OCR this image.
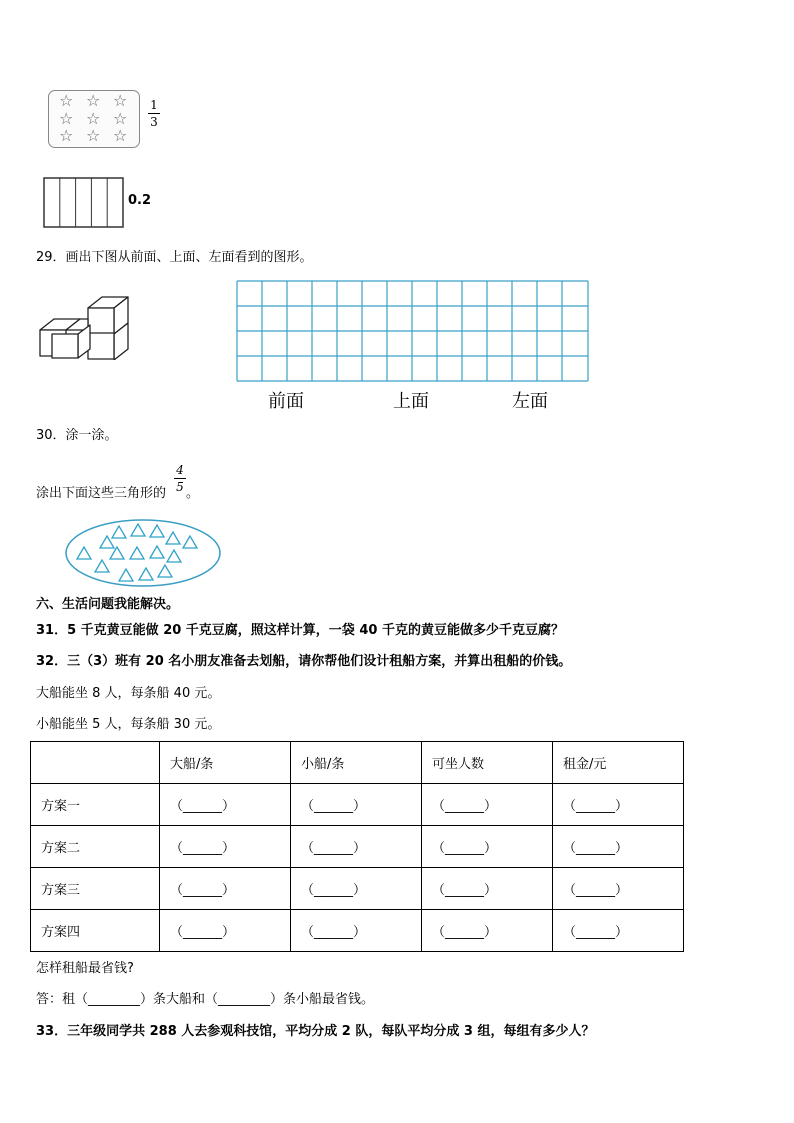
☆ ☆ ☆
☆ ☆ ☆
☆ ☆ ☆
1
3
0.2
29．画出下图从前面、上面、左面看到的图形。
前面	上面	左面
30．涂一涂。
涂出下面这些三角形的
4
5 。
六、生活问题我能解决。
31．5 千克黄豆能做 20 千克豆腐，照这样计算，一袋 40 千克的黄豆能做多少千克豆腐？
32．三（3）班有 20 名小朋友准备去划船，请你帮他们设计租船方案，并算出租船的价钱。
大船能坐 8 人，每条船 40 元。
小船能坐 5 人，每条船 30 元。
	大船/条	小船/条	可坐人数	租金/元
方案一	（______）	（______）	（______）	（______）
方案二	（______）	（______）	（______）	（______）
方案三	（______）	（______）	（______）	（______）
方案四	（______）	（______）	（______）	（______）
怎样租船最省钱?
答：租（________）条大船和（________）条小船最省钱。
33．三年级同学共 288 人去参观科技馆，平均分成 2 队，每队平均分成 3 组，每组有多少人？
